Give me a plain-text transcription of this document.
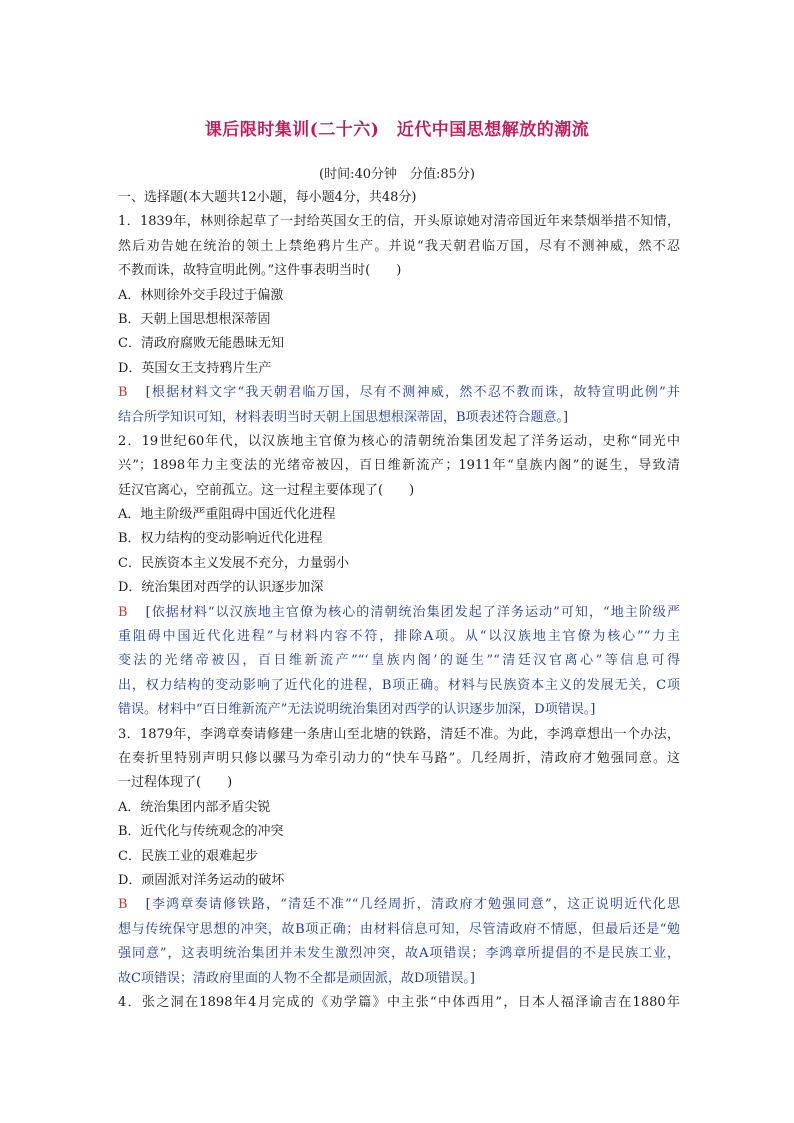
课后限时集训(二十六)　近代中国思想解放的潮流
(时间:40分钟　分值:85分)
一、选择题(本大题共12小题，每小题4分，共48分)
1．1839年，林则徐起草了一封给英国女王的信，开头原谅她对清帝国近年来禁烟举措不知情，
然后劝告她在统治的领土上禁绝鸦片生产。并说“我天朝君临万国，尽有不测神威，然不忍
不教而诛，故特宣明此例。”这件事表明当时(　　)
A．林则徐外交手段过于偏激
B．天朝上国思想根深蒂固
C．清政府腐败无能愚昧无知
D．英国女王支持鸦片生产
B [根据材料文字“我天朝君临万国，尽有不测神威，然不忍不教而诛，故特宣明此例”并
结合所学知识可知，材料表明当时天朝上国思想根深蒂固，B项表述符合题意。]
2．19世纪60年代，以汉族地主官僚为核心的清朝统治集团发起了洋务运动，史称“同光中
兴”；1898年力主变法的光绪帝被囚，百日维新流产；1911年“皇族内阁”的诞生，导致清
廷汉官离心，空前孤立。这一过程主要体现了(　　)
A．地主阶级严重阻碍中国近代化进程
B．权力结构的变动影响近代化进程
C．民族资本主义发展不充分，力量弱小
D．统治集团对西学的认识逐步加深
B [依据材料“以汉族地主官僚为核心的清朝统治集团发起了洋务运动”可知，“地主阶级严
重阻碍中国近代化进程”与材料内容不符，排除A项。从“以汉族地主官僚为核心”“力主
变法的光绪帝被囚，百日维新流产”“‘皇族内阁’的诞生”“清廷汉官离心”等信息可得
出，权力结构的变动影响了近代化的进程，B项正确。材料与民族资本主义的发展无关，C项
错误。材料中“百日维新流产”无法说明统治集团对西学的认识逐步加深，D项错误。]
3．1879年，李鸿章奏请修建一条唐山至北塘的铁路，清廷不准。为此，李鸿章想出一个办法，
在奏折里特别声明只修以骡马为牵引动力的“快车马路”。几经周折，清政府才勉强同意。这
一过程体现了(　　)
A．统治集团内部矛盾尖锐
B．近代化与传统观念的冲突
C．民族工业的艰难起步
D．顽固派对洋务运动的破坏
B [李鸿章奏请修铁路，“清廷不准”“几经周折，清政府才勉强同意”，这正说明近代化思
想与传统保守思想的冲突，故B项正确；由材料信息可知，尽管清政府不情愿，但最后还是“勉
强同意”，这表明统治集团并未发生激烈冲突，故A项错误；李鸿章所提倡的不是民族工业，
故C项错误；清政府里面的人物不全都是顽固派，故D项错误。]
4．张之洞在1898年4月完成的《劝学篇》中主张“中体西用”，日本人福泽谕吉在1880年
